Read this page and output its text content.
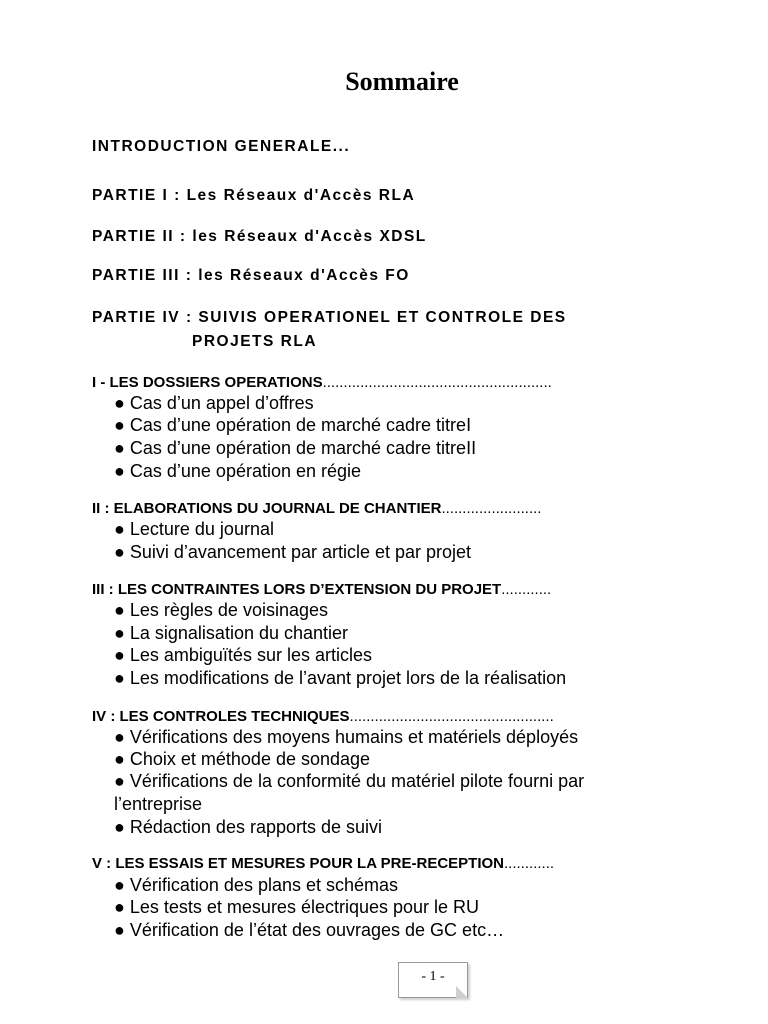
Sommaire
INTRODUCTION GENERALE...
PARTIE I : Les Réseaux d'Accès RLA
PARTIE II : les Réseaux d'Accès XDSL
PARTIE III : les Réseaux d'Accès FO
PARTIE IV : SUIVIS OPERATIONEL ET CONTROLE DES
PROJETS RLA
I - LES DOSSIERS OPERATIONS.......................................................
● Cas d’un appel d’offres
● Cas d’une opération de marché cadre titreI
● Cas d’une opération de marché cadre titreII
● Cas d’une opération en régie
II : ELABORATIONS DU JOURNAL DE CHANTIER........................
● Lecture du journal
● Suivi d’avancement par article et par projet
III : LES CONTRAINTES LORS D’EXTENSION DU PROJET............
● Les règles de voisinages
● La signalisation du chantier
● Les ambiguïtés sur les articles
● Les modifications de l’avant projet lors de la réalisation
IV : LES CONTROLES TECHNIQUES.................................................
● Vérifications des moyens humains et matériels déployés
● Choix et méthode de sondage
● Vérifications de la conformité du matériel pilote fourni par
l’entreprise
● Rédaction des rapports de suivi
V : LES ESSAIS ET MESURES POUR LA PRE-RECEPTION............
● Vérification des plans et schémas
● Les tests et mesures électriques pour le RU
● Vérification de l’état des ouvrages de GC etc…
- 1 -
